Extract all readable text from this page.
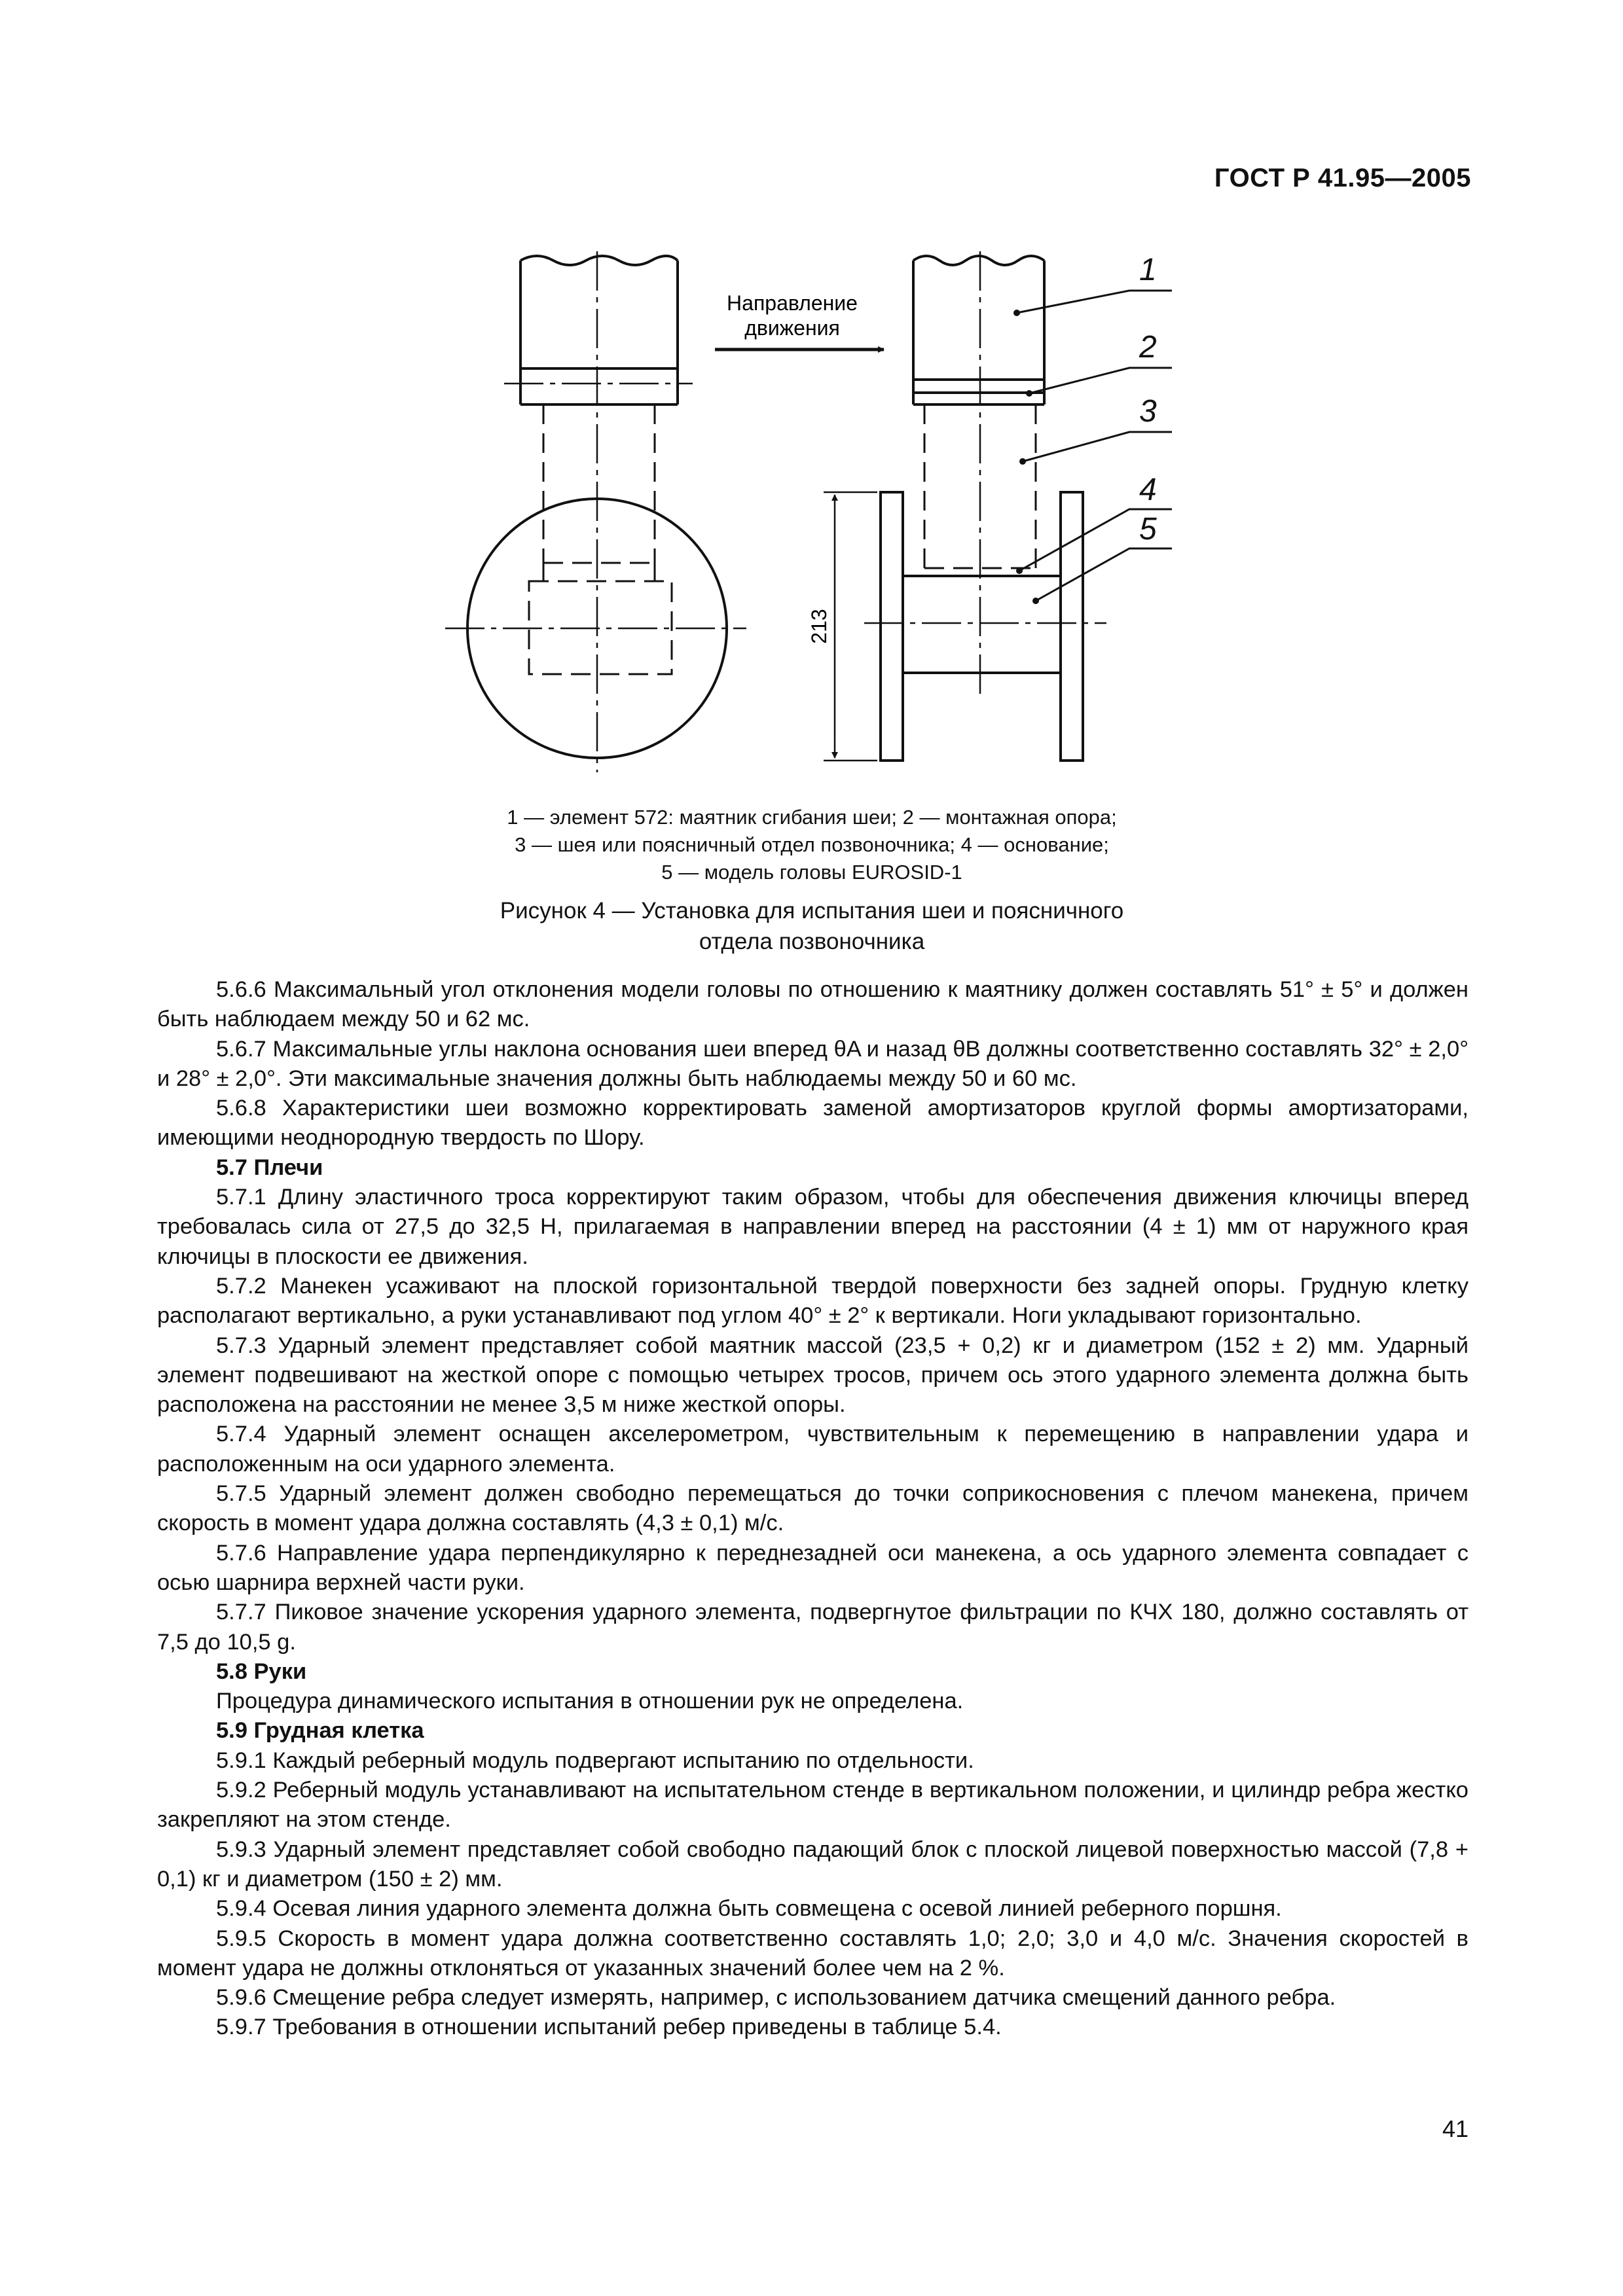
ГОСТ Р 41.95—2005
Направление
движения
213
1
2
3
4
5
1 — элемент 572: маятник сгибания шеи; 2 — монтажная опора;
3 — шея или поясничный отдел позвоночника; 4 — основание;
5 — модель головы EUROSID-1
Рисунок 4 — Установка для испытания шеи и поясничного
отдела позвоночника

5.6.6 Максимальный угол отклонения модели головы по отношению к маятнику должен составлять 51° ± 5° и должен быть наблюдаем между 50 и 62 мс.

5.6.7 Максимальные углы наклона основания шеи вперед θA и назад θB должны соответственно составлять 32° ± 2,0° и 28° ± 2,0°. Эти максимальные значения должны быть наблюдаемы между 50 и 60 мс.

5.6.8 Характеристики шеи возможно корректировать заменой амортизаторов круглой формы амортизаторами, имеющими неоднородную твердость по Шору.

5.7 Плечи

5.7.1 Длину эластичного троса корректируют таким образом, чтобы для обеспечения движения ключицы вперед требовалась сила от 27,5 до 32,5 Н, прилагаемая в направлении вперед на расстоянии (4 ± 1) мм от наружного края ключицы в плоскости ее движения.

5.7.2 Манекен усаживают на плоской горизонтальной твердой поверхности без задней опоры. Грудную клетку располагают вертикально, а руки устанавливают под углом 40° ± 2° к вертикали. Ноги укладывают горизонтально.

5.7.3 Ударный элемент представляет собой маятник массой (23,5 + 0,2) кг и диаметром (152 ± 2) мм. Ударный элемент подвешивают на жесткой опоре с помощью четырех тросов, причем ось этого ударного элемента должна быть расположена на расстоянии не менее 3,5 м ниже жесткой опоры.

5.7.4 Ударный элемент оснащен акселерометром, чувствительным к перемещению в направлении удара и расположенным на оси ударного элемента.

5.7.5 Ударный элемент должен свободно перемещаться до точки соприкосновения с плечом манекена, причем скорость в момент удара должна составлять (4,3 ± 0,1) м/с.

5.7.6 Направление удара перпендикулярно к переднезадней оси манекена, а ось ударного элемента совпадает с осью шарнира верхней части руки.

5.7.7 Пиковое значение ускорения ударного элемента, подвергнутое фильтрации по КЧХ 180, должно составлять от 7,5 до 10,5 g.

5.8 Руки

Процедура динамического испытания в отношении рук не определена.

5.9 Грудная клетка

5.9.1 Каждый реберный модуль подвергают испытанию по отдельности.

5.9.2 Реберный модуль устанавливают на испытательном стенде в вертикальном положении, и цилиндр ребра жестко закрепляют на этом стенде.

5.9.3 Ударный элемент представляет собой свободно падающий блок с плоской лицевой поверхностью массой (7,8 + 0,1) кг и диаметром (150 ± 2) мм.

5.9.4 Осевая линия ударного элемента должна быть совмещена с осевой линией реберного поршня.

5.9.5 Скорость в момент удара должна соответственно составлять 1,0; 2,0; 3,0 и 4,0 м/с. Значения скоростей в момент удара не должны отклоняться от указанных значений более чем на 2 %.

5.9.6 Смещение ребра следует измерять, например, с использованием датчика смещений данного ребра.

5.9.7 Требования в отношении испытаний ребер приведены в таблице 5.4.

41
